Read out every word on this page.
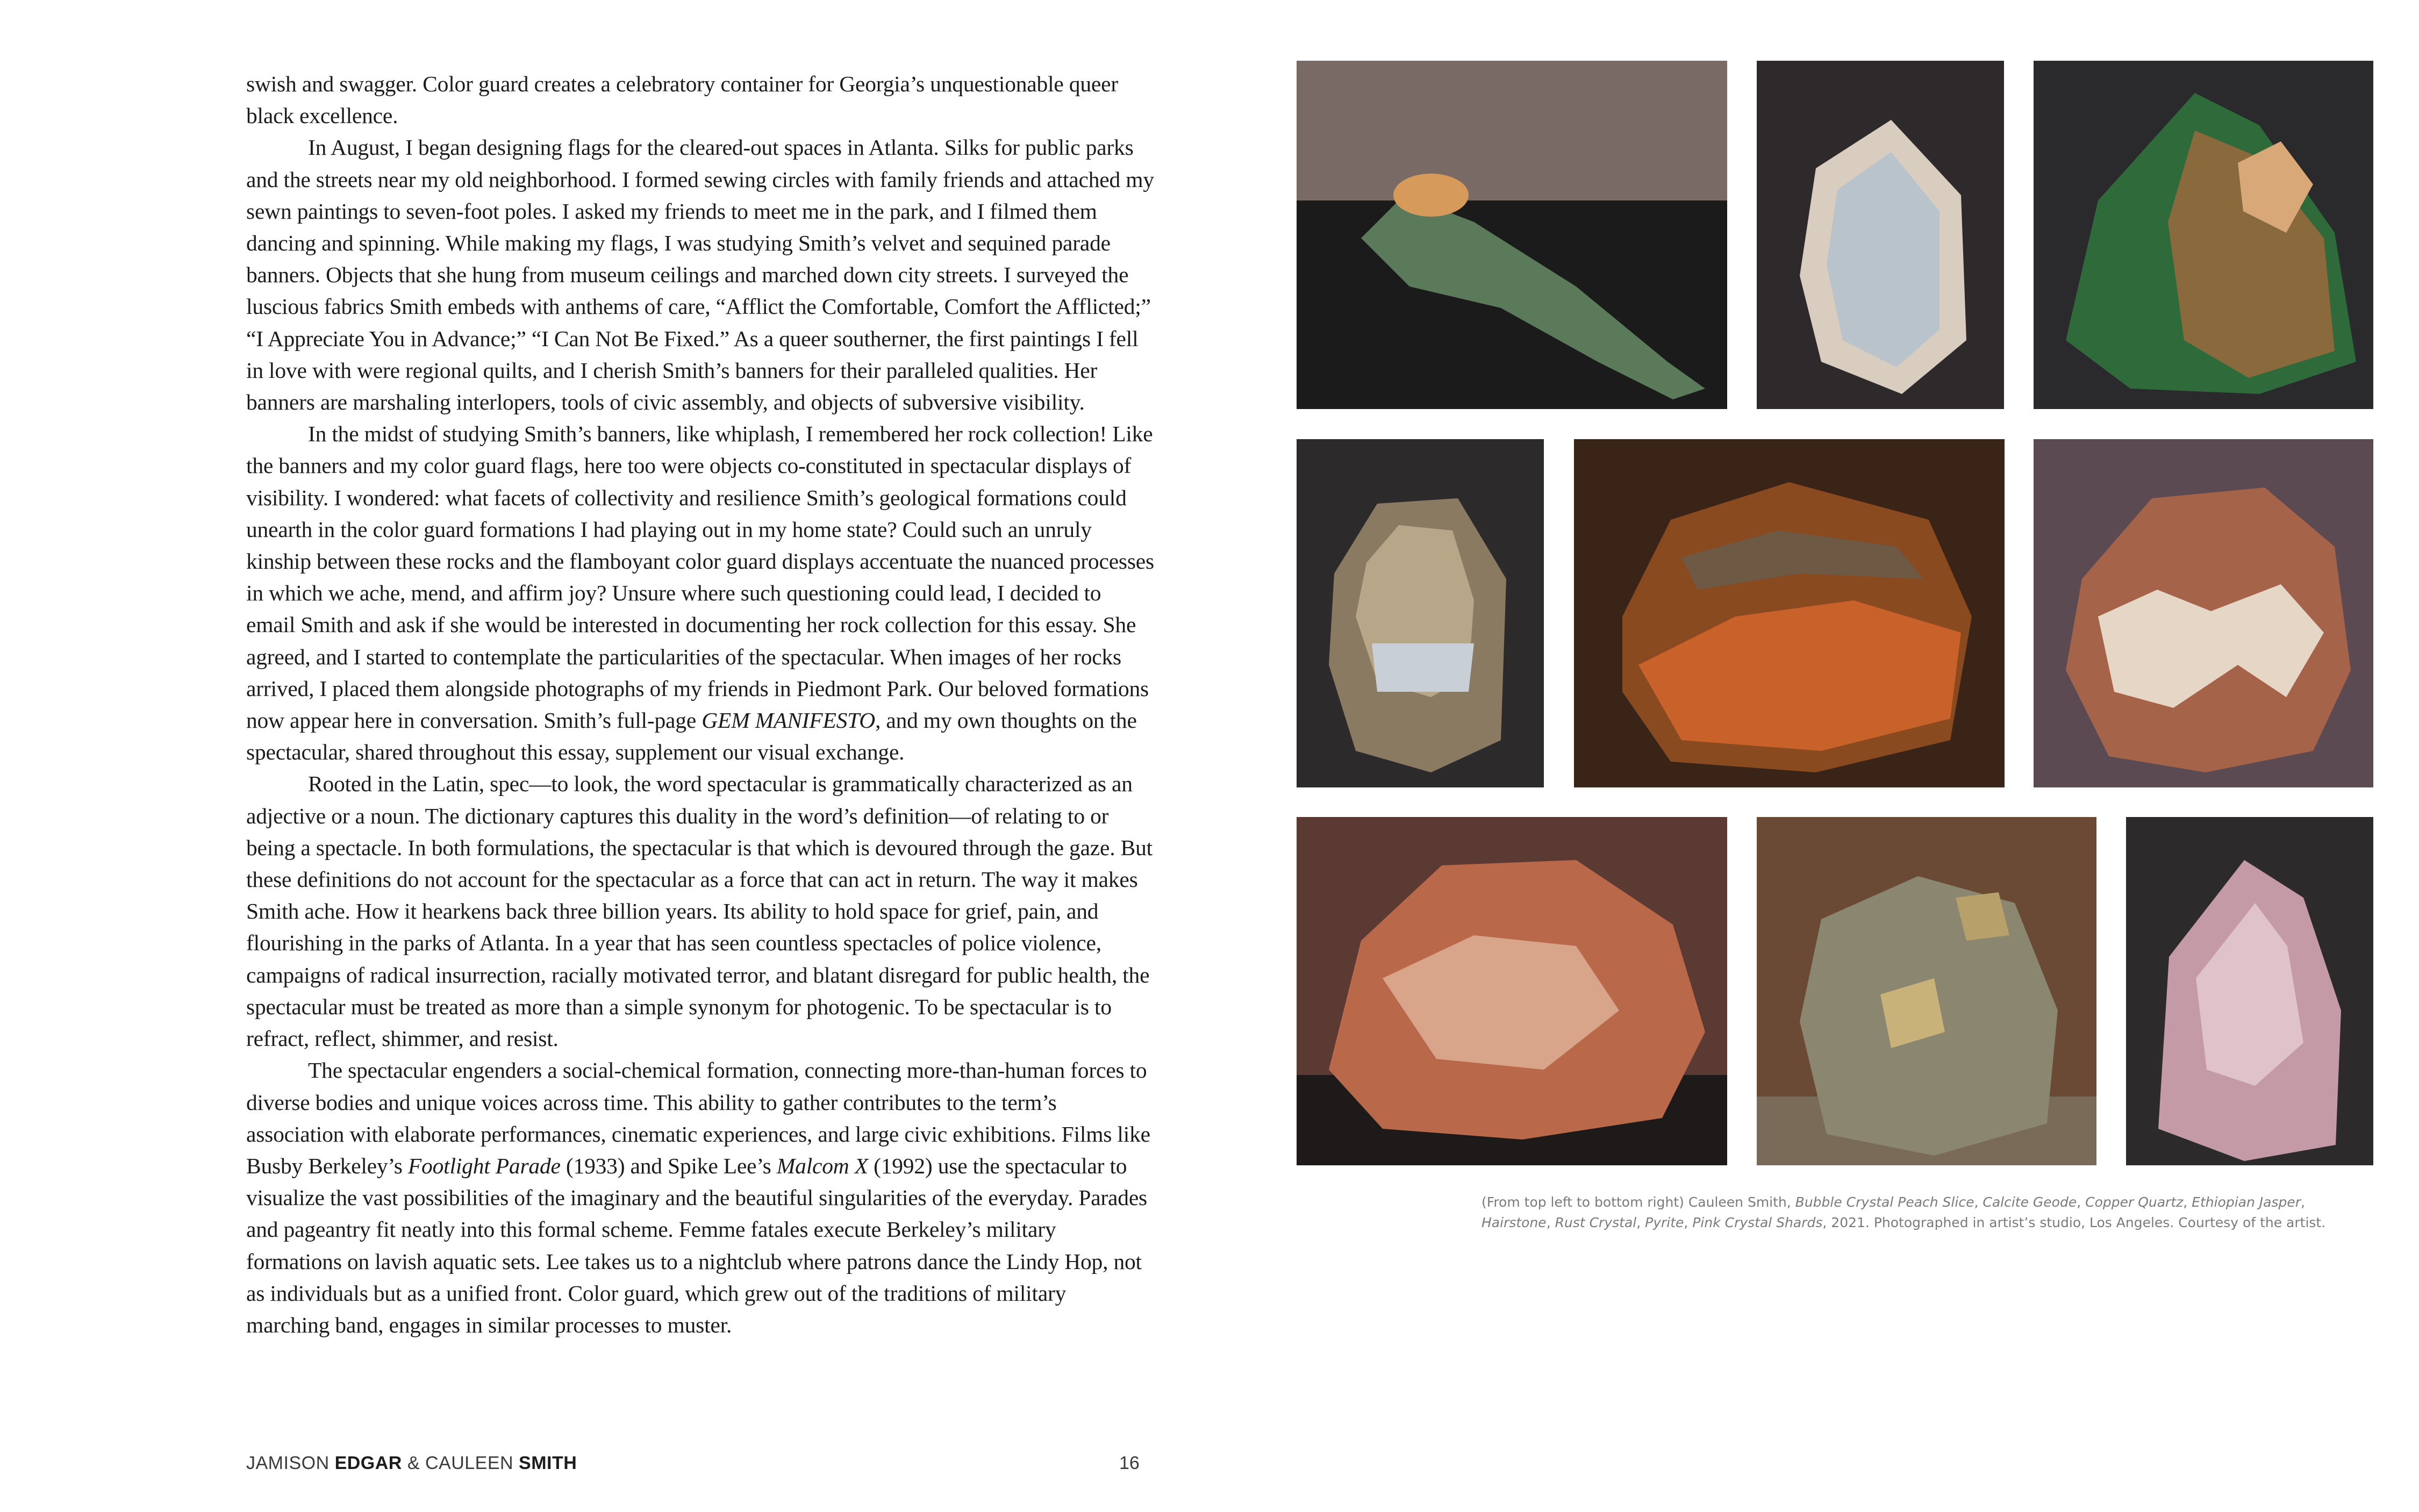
swish and swagger. Color guard creates a celebratory container for Georgia’s unquestionable queer black excellence.

In August, I began designing flags for the cleared-out spaces in Atlanta. Silks for public parks and the streets near my old neighborhood. I formed sewing circles with family friends and attached my sewn paintings to seven-foot poles. I asked my friends to meet me in the park, and I filmed them dancing and spinning. While making my flags, I was studying Smith’s velvet and sequined parade banners. Objects that she hung from museum ceilings and marched down city streets. I surveyed the luscious fabrics Smith embeds with anthems of care, “Afflict the Comfortable, Comfort the Afflicted;” “I Appreciate You in Advance;” “I Can Not Be Fixed.” As a queer southerner, the first paintings I fell in love with were regional quilts, and I cherish Smith’s banners for their paralleled qualities. Her banners are marshaling interlopers, tools of civic assembly, and objects of subversive visibility.

In the midst of studying Smith’s banners, like whiplash, I remembered her rock collection! Like the banners and my color guard flags, here too were objects co-constituted in spectacular displays of visibility. I wondered: what facets of collectivity and resilience Smith’s geological formations could unearth in the color guard formations I had playing out in my home state? Could such an unruly kinship between these rocks and the flamboyant color guard displays accentuate the nuanced processes in which we ache, mend, and affirm joy? Unsure where such questioning could lead, I decided to email Smith and ask if she would be interested in documenting her rock collection for this essay. She agreed, and I started to contemplate the particularities of the spectacular. When images of her rocks arrived, I placed them alongside photographs of my friends in Piedmont Park. Our beloved formations now appear here in conversation. Smith’s full-page GEM MANIFESTO, and my own thoughts on the spectacular, shared throughout this essay, supplement our visual exchange.

Rooted in the Latin, spec—to look, the word spectacular is grammatically characterized as an adjective or a noun. The dictionary captures this duality in the word’s definition—of relating to or being a spectacle. In both formulations, the spectacular is that which is devoured through the gaze. But these definitions do not account for the spectacular as a force that can act in return. The way it makes Smith ache. How it hearkens back three billion years. Its ability to hold space for grief, pain, and flourishing in the parks of Atlanta. In a year that has seen countless spectacles of police violence, campaigns of radical insurrection, racially motivated terror, and blatant disregard for public health, the spectacular must be treated as more than a simple synonym for photogenic. To be spectacular is to refract, reflect, shimmer, and resist.

The spectacular engenders a social-chemical formation, connecting more-than-human forces to diverse bodies and unique voices across time. This ability to gather contributes to the term’s association with elaborate performances, cinematic experiences, and large civic exhibitions. Films like Busby Berkeley’s Footlight Parade (1933) and Spike Lee’s Malcom X (1992) use the spectacular to visualize the vast possibilities of the imaginary and the beautiful singularities of the everyday. Parades and pageantry fit neatly into this formal scheme. Femme fatales execute Berkeley’s military formations on lavish aquatic sets. Lee takes us to a nightclub where patrons dance the Lindy Hop, not as individuals but as a unified front. Color guard, which grew out of the traditions of military marching band, engages in similar processes to muster.

JAMISON EDGAR & CAULEEN SMITH	16
(From top left to bottom right) Cauleen Smith, Bubble Crystal Peach Slice, Calcite Geode, Copper Quartz, Ethiopian Jasper, Hairstone, Rust Crystal, Pyrite, Pink Crystal Shards, 2021. Photographed in artist’s studio, Los Angeles. Courtesy of the artist.
